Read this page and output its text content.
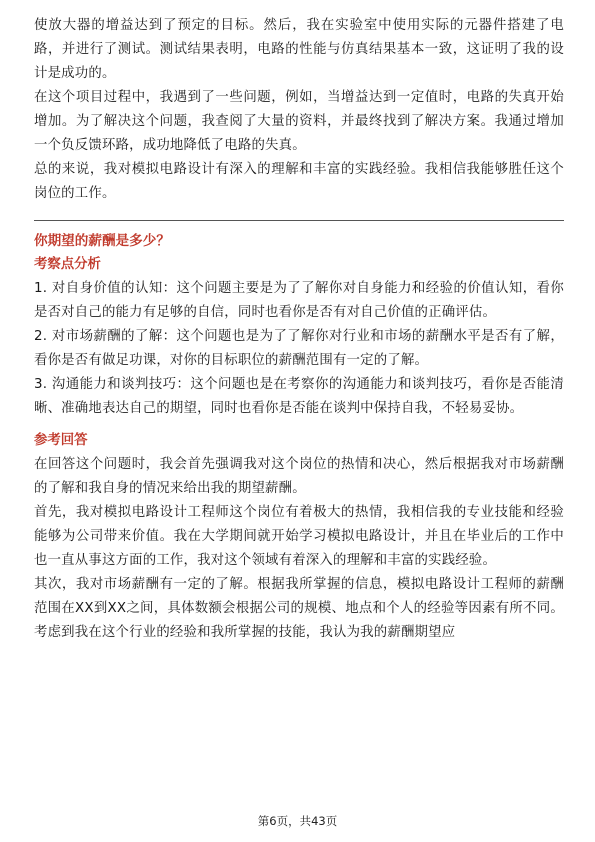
使放大器的增益达到了预定的目标。然后，我在实验室中使用实际的元器件搭建了电路，并进行了测试。测试结果表明，电路的性能与仿真结果基本一致，这证明了我的设计是成功的。

在这个项目过程中，我遇到了一些问题，例如，当增益达到一定值时，电路的失真开始增加。为了解决这个问题，我查阅了大量的资料，并最终找到了解决方案。我通过增加一个负反馈环路，成功地降低了电路的失真。

总的来说，我对模拟电路设计有深入的理解和丰富的实践经验。我相信我能够胜任这个岗位的工作。

你期望的薪酬是多少？

考察点分析

1. 对自身价值的认知：这个问题主要是为了了解你对自身能力和经验的价值认知，看你是否对自己的能力有足够的自信，同时也看你是否有对自己价值的正确评估。

2. 对市场薪酬的了解：这个问题也是为了了解你对行业和市场的薪酬水平是否有了解，看你是否有做足功课，对你的目标职位的薪酬范围有一定的了解。

3. 沟通能力和谈判技巧：这个问题也是在考察你的沟通能力和谈判技巧，看你是否能清晰、准确地表达自己的期望，同时也看你是否能在谈判中保持自我，不轻易妥协。

参考回答

在回答这个问题时，我会首先强调我对这个岗位的热情和决心，然后根据我对市场薪酬的了解和我自身的情况来给出我的期望薪酬。

首先，我对模拟电路设计工程师这个岗位有着极大的热情，我相信我的专业技能和经验能够为公司带来价值。我在大学期间就开始学习模拟电路设计，并且在毕业后的工作中也一直从事这方面的工作，我对这个领域有着深入的理解和丰富的实践经验。

其次，我对市场薪酬有一定的了解。根据我所掌握的信息，模拟电路设计工程师的薪酬范围在XX到XX之间，具体数额会根据公司的规模、地点和个人的经验等因素有所不同。考虑到我在这个行业的经验和我所掌握的技能，我认为我的薪酬期望应

第6页，共43页
